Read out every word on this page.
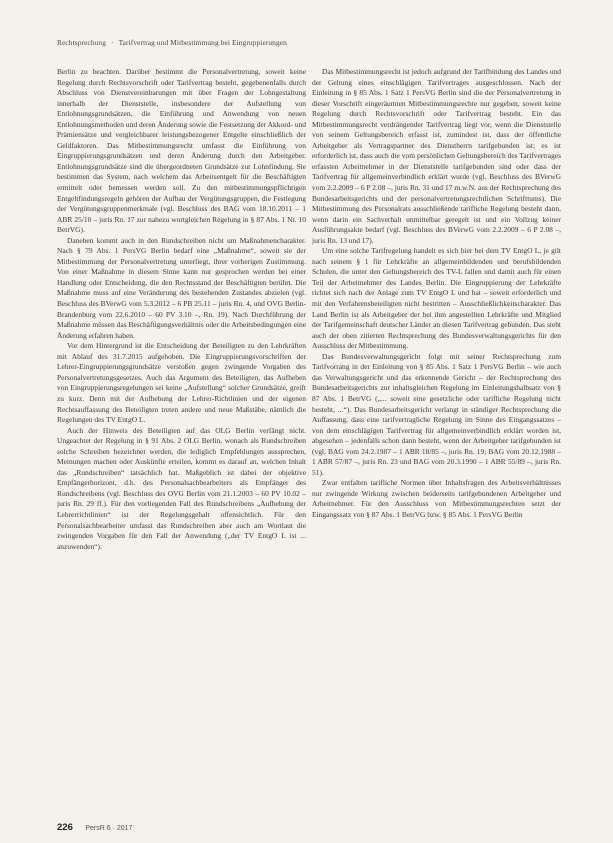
Rechtsprechung · Tarifvertrag und Mitbestimmung bei Eingruppierungen

Berlin zu beachten. Darüber bestimmt die Personalvertretung, soweit keine Regelung durch Rechtsvorschrift oder Tarifvertrag besteht, gegebenenfalls durch Abschluss von Dienstvereinbarungen mit über Fragen der Lohngestaltung innerhalb der Dienststelle, insbesondere der Aufstellung von Entlohnungsgrundsätzen, die Einführung und Anwendung von neuen Entlohnungsmethoden und deren Änderung sowie die Festsetzung der Akkord- und Prämiensätze und vergleichbarer leistungsbezogener Entgelte einschließlich der Geldfaktoren. Das Mitbestimmungsrecht umfasst die Einführung von Eingruppierungsgrundsätzen und deren Änderung durch den Arbeitgeber. Entlohnungsgrundsätze sind die übergeordneten Grundsätze zur Lohnfindung. Sie bestimmen das System, nach welchem das Arbeitsentgelt für die Beschäftigten ermittelt oder bemessen werden soll. Zu den mitbestimmungspflichtigen Entgeltfindungsregeln gehören der Aufbau der Vergütungsgruppen, die Festlegung der Vergütungsgruppenmerkmale (vgl. Beschluss des BAG vom 18.10.2011 – 1 ABR 25/10 – juris Rn. 17 zur nahezu wortgleichen Regelung in § 87 Abs. 1 Nr. 10 BetrVG).

Daneben kommt auch in den Rundschreiben nicht um Maßnahmencharakter. Nach § 79 Abs. 1 PersVG Berlin bedarf eine „Maßnahme“, soweit sie der Mitbestimmung der Personalvertretung unterliegt, ihrer vorherigen Zustimmung. Von einer Maßnahme in diesem Sinne kann nur gesprochen werden bei einer Handlung oder Entscheidung, die den Rechtsstand der Beschäftigten berührt. Die Maßnahme muss auf eine Veränderung des bestehenden Zustandes abzielen (vgl. Beschluss des BVerwG vom 5.3.2012 – 6 PB 25.11 – juris Rn. 4, und OVG Berlin-Brandenburg vom 22.6.2010 – 60 PV 3.10 –, Rn. 19). Nach Durchführung der Maßnahme müssen das Beschäftigungsverhältnis oder die Arbeitsbedingungen eine Änderung erfahren haben.

Vor dem Hintergrund ist die Entscheidung der Beteiligten zu den Lehrkräften mit Ablauf des 31.7.2015 aufgehoben. Die Eingruppierungsvorschriften der Lehrer-Eingruppierungsgrundsätze verstoßen gegen zwingende Vorgaben des Personalvertretungsgesetzes. Auch das Argument des Beteiligten, das Aufheben von Eingruppierungsregelungen sei keine „Aufstellung“ solcher Grundsätze, greift zu kurz. Denn mit der Aufhebung der Lehrer-Richtlinien und der eigenen Rechtsauffassung des Beteiligten treten andere und neue Maßstäbe, nämlich die Regelungen des TV EntgO L.

Auch der Hinweis des Beteiligten auf das OLG Berlin verfängt nicht. Ungeachtet der Regelung in § 91 Abs. 2 OLG Berlin, wonach als Rundschreiben solche Schreiben bezeichnet werden, die lediglich Empfehlungen aussprechen, Meinungen machen oder Auskünfte erteilen, kommt es darauf an, welchen Inhalt das „Rundschreiben“ tatsächlich hat. Maßgeblich ist dabei der objektive Empfängerhorizont, d.h. des Personalsachbearbeiters als Empfänger des Rundschreibens (vgl. Beschluss des OVG Berlin vom 21.1.2003 – 60 PV 10.02 – juris Rn. 29 ff.). Für den vorliegenden Fall des Rundschreibens „Aufhebung der Lehrerrichtlinien“ ist der Regelungsgehalt offensichtlich. Für den Personalsachbearbeiter umfasst das Rundschreiben aber auch am Wortlaut die zwingenden Vorgaben für den Fall der Anwendung („der TV EntgO L ist ... anzuwenden“).

Das Mitbestimmungsrecht ist jedoch aufgrund der Tarifbindung des Landes und der Geltung eines einschlägigen Tarifvertrages ausgeschlossen. Nach der Einleitung in § 85 Abs. 1 Satz 1 PersVG Berlin sind die der Personalvertretung in dieser Vorschrift eingeräumten Mitbestimmungsrechte nur gegeben, soweit keine Regelung durch Rechtsvorschrift oder Tarifvertrag besteht. Ein das Mitbestimmungsrecht verdrängender Tarifvertrag liegt vor, wenn die Dienststelle von seinem Geltungsbereich erfasst ist, zumindest ist, dass der öffentliche Arbeitgeber als Vertragspartner des Dienstherrn tarifgebunden ist; es ist erforderlich ist, dass auch die vom persönlichen Geltungsbereich des Tarifvertrages erfassten Arbeitnehmer in der Dienststelle tarifgebunden sind oder dass der Tarifvertrag für allgemeinverbindlich erklärt wurde (vgl. Beschluss des BVerwG vom 2.2.2009 – 6 P 2.08 –, juris Rn. 31 und 17 m.w.N. aus der Rechtsprechung des Bundesarbeitsgerichts und der personalvertretungsrechtlichen Schrifttums). Die Mitbestimmung des Personalrats ausschließende tarifliche Regelung besteht dann, wenn darin ein Sachverhalt unmittelbar geregelt ist und ein Vollzug keiner Ausführungsakte bedarf (vgl. Beschluss des BVerwG vom 2.2.2009 – 6 P 2.08 –, juris Rn. 13 und 17).

Um eine solche Tarifregelung handelt es sich hier bei dem TV EntgO L, je gilt nach seinem § 1 für Lehrkräfte an allgemeinbildenden und berufsbildenden Schulen, die unter den Geltungsbereich des TV-L fallen und damit auch für einen Teil der Arbeitnehmer des Landes Berlin. Die Eingruppierung der Lehrkräfte richtet sich nach der Anlage zum TV EntgO L und hat – soweit erforderlich und mit den Verfahrensbeteiligten nicht bestritten – Ausschließlichkeitscharakter. Das Land Berlin ist als Arbeitgeber der bei ihm angestellten Lehrkräfte und Mitglied der Tarifgemeinschaft deutscher Länder an diesen Tarifvertrag gebunden. Das steht auch der oben zitierten Rechtsprechung des Bundesverwaltungsgerichts für den Ausschluss der Mitbestimmung.

Das Bundesverwaltungsgericht folgt mit seiner Rechtsprechung zum Tarifvorrang in der Einleitung von § 85 Abs. 1 Satz 1 PersVG Berlin – wie auch das Verwaltungsgericht und das erkennende Gericht – der Rechtsprechung des Bundesarbeitsgerichts zur inhaltsgleichen Regelung im Einleitungshalbsatz von § 87 Abs. 1 BetrVG („... soweit eine gesetzliche oder tarifliche Regelung nicht besteht, ...“). Das Bundesarbeitsgericht verlangt in ständiger Rechtsprechung die Auffassung, dass eine tarifvertragliche Regelung im Sinne des Eingangssatzes – von dem einschlägigen Tarifvertrag für allgemeinverbindlich erklärt worden ist, abgesehen – jedenfalls schon dann besteht, wenn der Arbeitgeber tarifgebunden ist (vgl. BAG vom 24.2.1987 – 1 ABR 18/85 –, juris Rn. 19; BAG vom 20.12.1988 – 1 ABR 57/87 –, juris Rn. 23 und BAG vom 20.3.1990 – 1 ABR 55/89 –, juris Rn. 51).

Zwar entfalten tarifliche Normen über Inhaltsfragen des Arbeitsverhältnisses nur zwingende Wirkung zwischen beiderseits tarifgebundenen Arbeitgeber und Arbeitnehmer. Für den Ausschluss von Mitbestimmungsrechten setzt der Eingangssatz von § 87 Abs. 1 BetrVG bzw. § 85 Abs. 1 PersVG Berlin

226 PersR 6 · 2017
